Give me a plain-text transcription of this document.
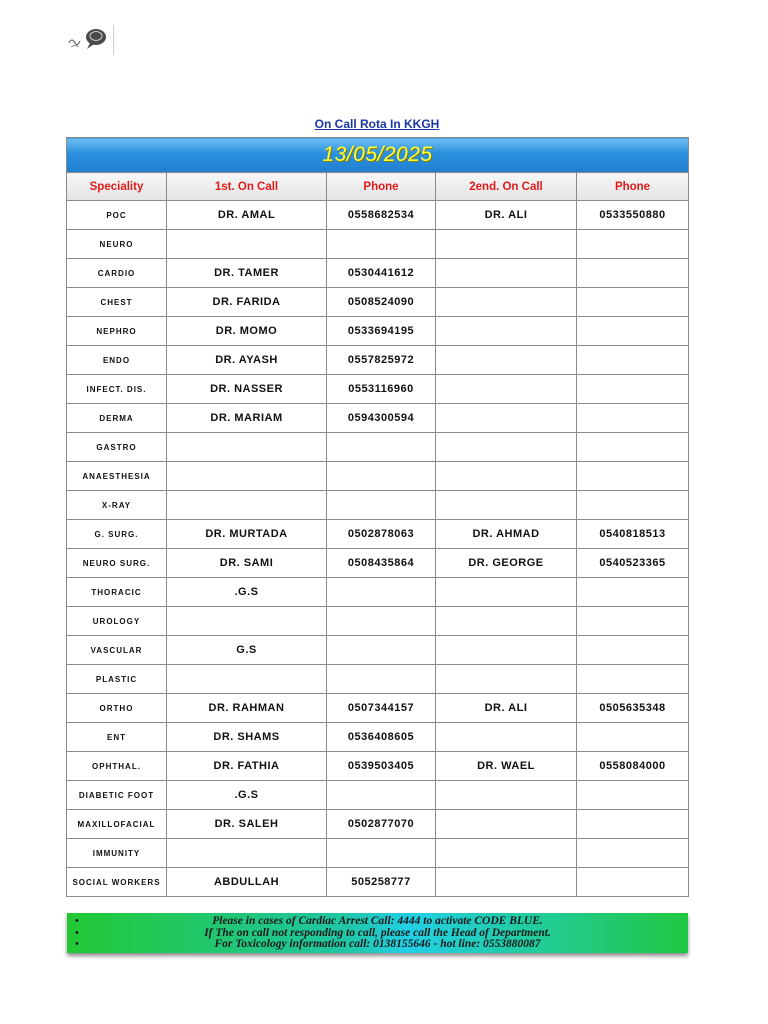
On Call Rota In KKGH
13/05/2025				
Speciality	1st. On Call	Phone	2end. On Call	Phone
POC	DR. AMAL	0558682534	DR. ALI	0533550880
NEURO				
CARDIO	DR. TAMER	0530441612		
CHEST	DR. FARIDA	0508524090		
NEPHRO	DR. MOMO	0533694195		
ENDO	DR. AYASH	0557825972		
INFECT. DIS.	DR. NASSER	0553116960		
DERMA	DR. MARIAM	0594300594		
GASTRO				
ANAESTHESIA				
X-RAY				
G. SURG.	DR. MURTADA	0502878063	DR. AHMAD	0540818513
NEURO SURG.	DR. SAMI	0508435864	DR. GEORGE	0540523365
THORACIC	.G.S			
UROLOGY				
VASCULAR	G.S			
PLASTIC				
ORTHO	DR. RAHMAN	0507344157	DR. ALI	0505635348
ENT	DR. SHAMS	0536408605		
OPHTHAL.	DR. FATHIA	0539503405	DR. WAEL	0558084000
DIABETIC FOOT	.G.S			
MAXILLOFACIAL	DR. SALEH	0502877070		
IMMUNITY				
SOCIAL WORKERS	ABDULLAH	505258777		
•	Please in cases of Cardiac Arrest Call: 4444 to activate CODE BLUE.
•	If The on call not responding to call, please call the Head of Department.
•	For Toxicology information call: 0138155646 - hot line: 0553880087
